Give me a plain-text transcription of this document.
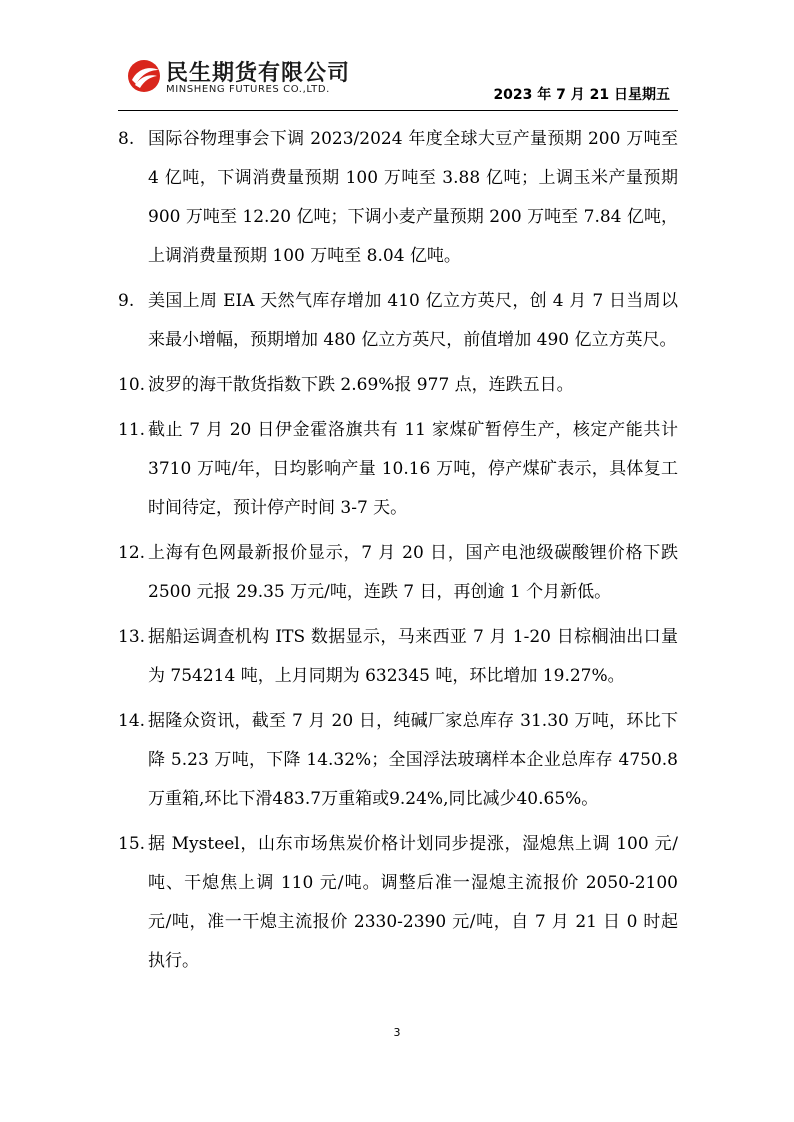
民生期货有限公司
MINSHENG FUTURES CO.,LTD.	2023 年 7 月 21 日星期五
8. 国际谷物理事会下调 2023/2024 年度全球大豆产量预期 200 万吨至 4 亿吨，下调消费量预期 100 万吨至 3.88 亿吨；上调玉米产量预期 900 万吨至 12.20 亿吨；下调小麦产量预期 200 万吨至 7.84 亿吨，上调消费量预期 100 万吨至 8.04 亿吨。
9. 美国上周 EIA 天然气库存增加 410 亿立方英尺，创 4 月 7 日当周以来最小增幅，预期增加 480 亿立方英尺，前值增加 490 亿立方英尺。
10. 波罗的海干散货指数下跌 2.69%报 977 点，连跌五日。
11. 截止 7 月 20 日伊金霍洛旗共有 11 家煤矿暂停生产，核定产能共计 3710 万吨/年，日均影响产量 10.16 万吨，停产煤矿表示，具体复工时间待定，预计停产时间 3-7 天。
12. 上海有色网最新报价显示，7 月 20 日，国产电池级碳酸锂价格下跌 2500 元报 29.35 万元/吨，连跌 7 日，再创逾 1 个月新低。
13. 据船运调查机构 ITS 数据显示，马来西亚 7 月 1-20 日棕榈油出口量为 754214 吨，上月同期为 632345 吨，环比增加 19.27%。
14. 据隆众资讯，截至 7 月 20 日，纯碱厂家总库存 31.30 万吨，环比下降 5.23 万吨，下降 14.32%；全国浮法玻璃样本企业总库存 4750.8万重箱,环比下滑483.7万重箱或9.24%,同比减少40.65%。
15. 据 Mysteel，山东市场焦炭价格计划同步提涨，湿熄焦上调 100 元/吨、干熄焦上调 110 元/吨。调整后准一湿熄主流报价 2050-2100 元/吨，准一干熄主流报价 2330-2390 元/吨，自 7 月 21 日 0 时起执行。
3
